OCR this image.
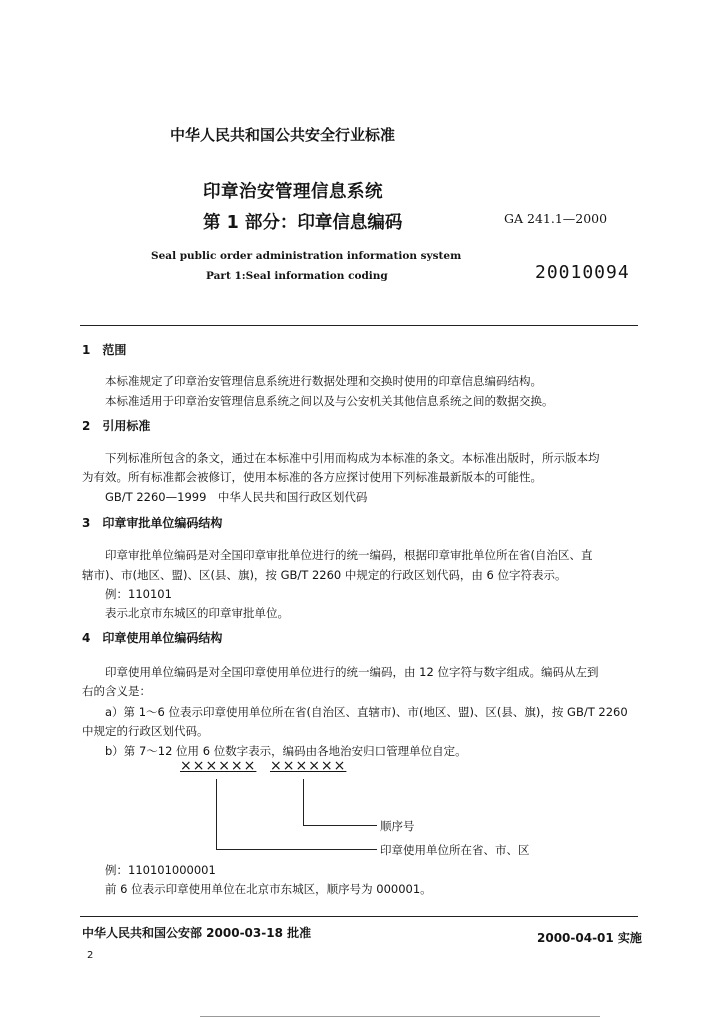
中华人民共和国公共安全行业标准
印章治安管理信息系统
第 1 部分：印章信息编码	GA 241.1—2000
Seal public order administration information system
Part 1:Seal information coding	20010094
1　范围
本标准规定了印章治安管理信息系统进行数据处理和交换时使用的印章信息编码结构。
本标准适用于印章治安管理信息系统之间以及与公安机关其他信息系统之间的数据交换。
2　引用标准
下列标准所包含的条文，通过在本标准中引用而构成为本标准的条文。本标准出版时，所示版本均
为有效。所有标准都会被修订，使用本标准的各方应探讨使用下列标准最新版本的可能性。
GB/T 2260—1999　中华人民共和国行政区划代码
3　印章审批单位编码结构
印章审批单位编码是对全国印章审批单位进行的统一编码，根据印章审批单位所在省(自治区、直
辖市)、市(地区、盟)、区(县、旗)，按 GB/T 2260 中规定的行政区划代码，由 6 位字符表示。
例：110101
表示北京市东城区的印章审批单位。
4　印章使用单位编码结构
印章使用单位编码是对全国印章使用单位进行的统一编码，由 12 位字符与数字组成。编码从左到
右的含义是：
a）第 1～6 位表示印章使用单位所在省(自治区、直辖市)、市(地区、盟)、区(县、旗)，按 GB/T 2260
中规定的行政区划代码。
b）第 7～12 位用 6 位数字表示，编码由各地治安归口管理单位自定。
×××××× ××××××
顺序号
印章使用单位所在省、市、区
例：110101000001
前 6 位表示印章使用单位在北京市东城区，顺序号为 000001。
中华人民共和国公安部 2000-03-18 批准	2000-04-01 实施
2
